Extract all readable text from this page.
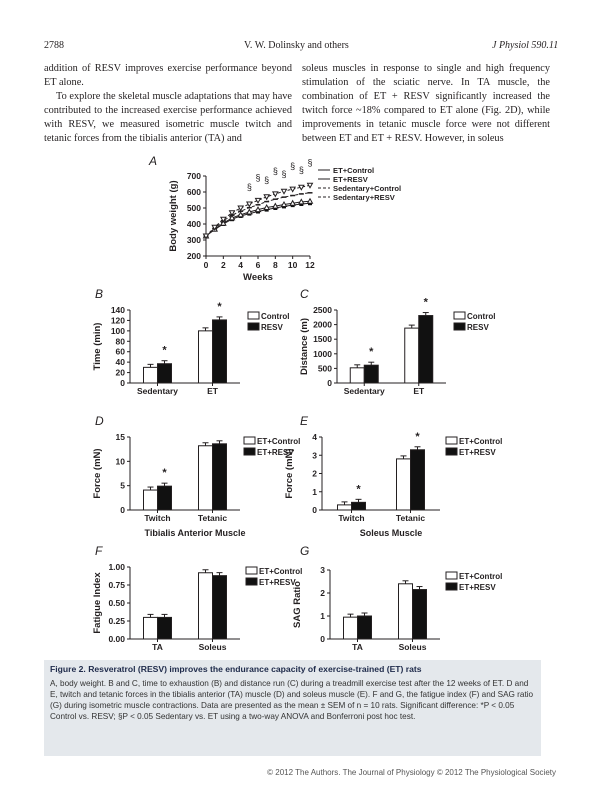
2788	V. W. Dolinsky and others	J Physiol 590.11

addition of RESV improves exercise performance beyond ET alone.

To explore the skeletal muscle adaptations that may have contributed to the increased exercise performance achieved with RESV, we measured isometric muscle twitch and tetanic forces from the tibialis anterior (TA) and

soleus muscles in response to single and high frequency stimulation of the sciatic nerve. In TA muscle, the combination of ET + RESV significantly increased the twitch force ~18% compared to ET alone (Fig. 2D), while improvements in tetanic muscle force were not different between ET and ET + RESV. However, in soleus

A
B
0
20
40
60
80
100
120
140
Time (min)
Sedentary
*
ET
*
Control
RESV
C
0
500
1000
1500
2000
2500
Distance (m)
Sedentary
*
ET
*
Control
RESV
D
0
5
10
15
Force (mN)
Twitch
*
Tetanic
ET+Control
ET+RESV
Tibialis Anterior Muscle
E
0
1
2
3
4
Force (mN)
Twitch
*
Tetanic
*	ET+Control
ET+RESV
Soleus Muscle
F
0.00
0.25
0.50
0.75
1.00
Fatigue Index
TA	Soleus
ET+Control
ET+RESV
G
0
1
2
3
SAG Ratio
TA	Soleus
ET+Control
ET+RESV
200
300
400
500
600
700
0 2 4 6 8 10 12
Weeks
Body weight (g)	§
§ §
§ §
§ §
§
ET+Control
ET+RESV
Sedentary+Control
Sedentary+RESV
Figure 2. Resveratrol (RESV) improves the endurance capacity of exercise-trained (ET) rats
A, body weight. B and C, time to exhaustion (B) and distance run (C) during a treadmill exercise test after the 12 weeks of ET. D and E, twitch and tetanic forces in the tibialis anterior (TA) muscle (D) and soleus muscle (E). F and G, the fatigue index (F) and SAG ratio (G) during isometric muscle contractions. Data are presented as the mean ± SEM of n = 10 rats. Significant difference: *P < 0.05 Control vs. RESV; §P < 0.05 Sedentary vs. ET using a two-way ANOVA and Bonferroni post hoc test.
© 2012 The Authors. The Journal of Physiology © 2012 The Physiological Society
